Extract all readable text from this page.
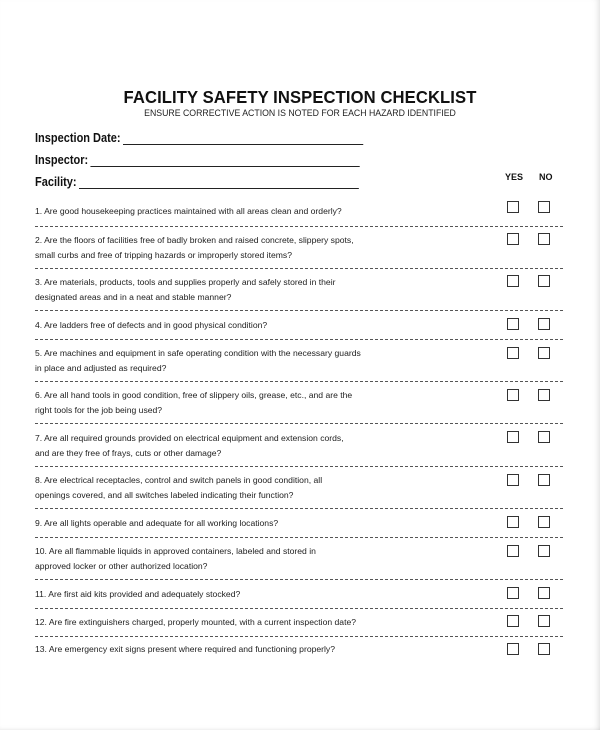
FACILITY SAFETY INSPECTION CHECKLIST
ENSURE CORRECTIVE ACTION IS NOTED FOR EACH HAZARD IDENTIFIED
Inspection Date:
Inspector:
Facility:	YES NO
1. Are good housekeeping practices maintained with all areas clean and orderly?
2. Are the floors of facilities free of badly broken and raised concrete, slippery spots,
small curbs and free of tripping hazards or improperly stored items?
3. Are materials, products, tools and supplies properly and safely stored in their
designated areas and in a neat and stable manner?
4. Are ladders free of defects and in good physical condition?
5. Are machines and equipment in safe operating condition with the necessary guards
in place and adjusted as required?
6. Are all hand tools in good condition, free of slippery oils, grease, etc., and are the
right tools for the job being used?
7. Are all required grounds provided on electrical equipment and extension cords,
and are they free of frays, cuts or other damage?
8. Are electrical receptacles, control and switch panels in good condition, all
openings covered, and all switches labeled indicating their function?
9. Are all lights operable and adequate for all working locations?
10. Are all flammable liquids in approved containers, labeled and stored in
approved locker or other authorized location?
11. Are first aid kits provided and adequately stocked?
12. Are fire extinguishers charged, properly mounted, with a current inspection date?
13. Are emergency exit signs present where required and functioning properly?
